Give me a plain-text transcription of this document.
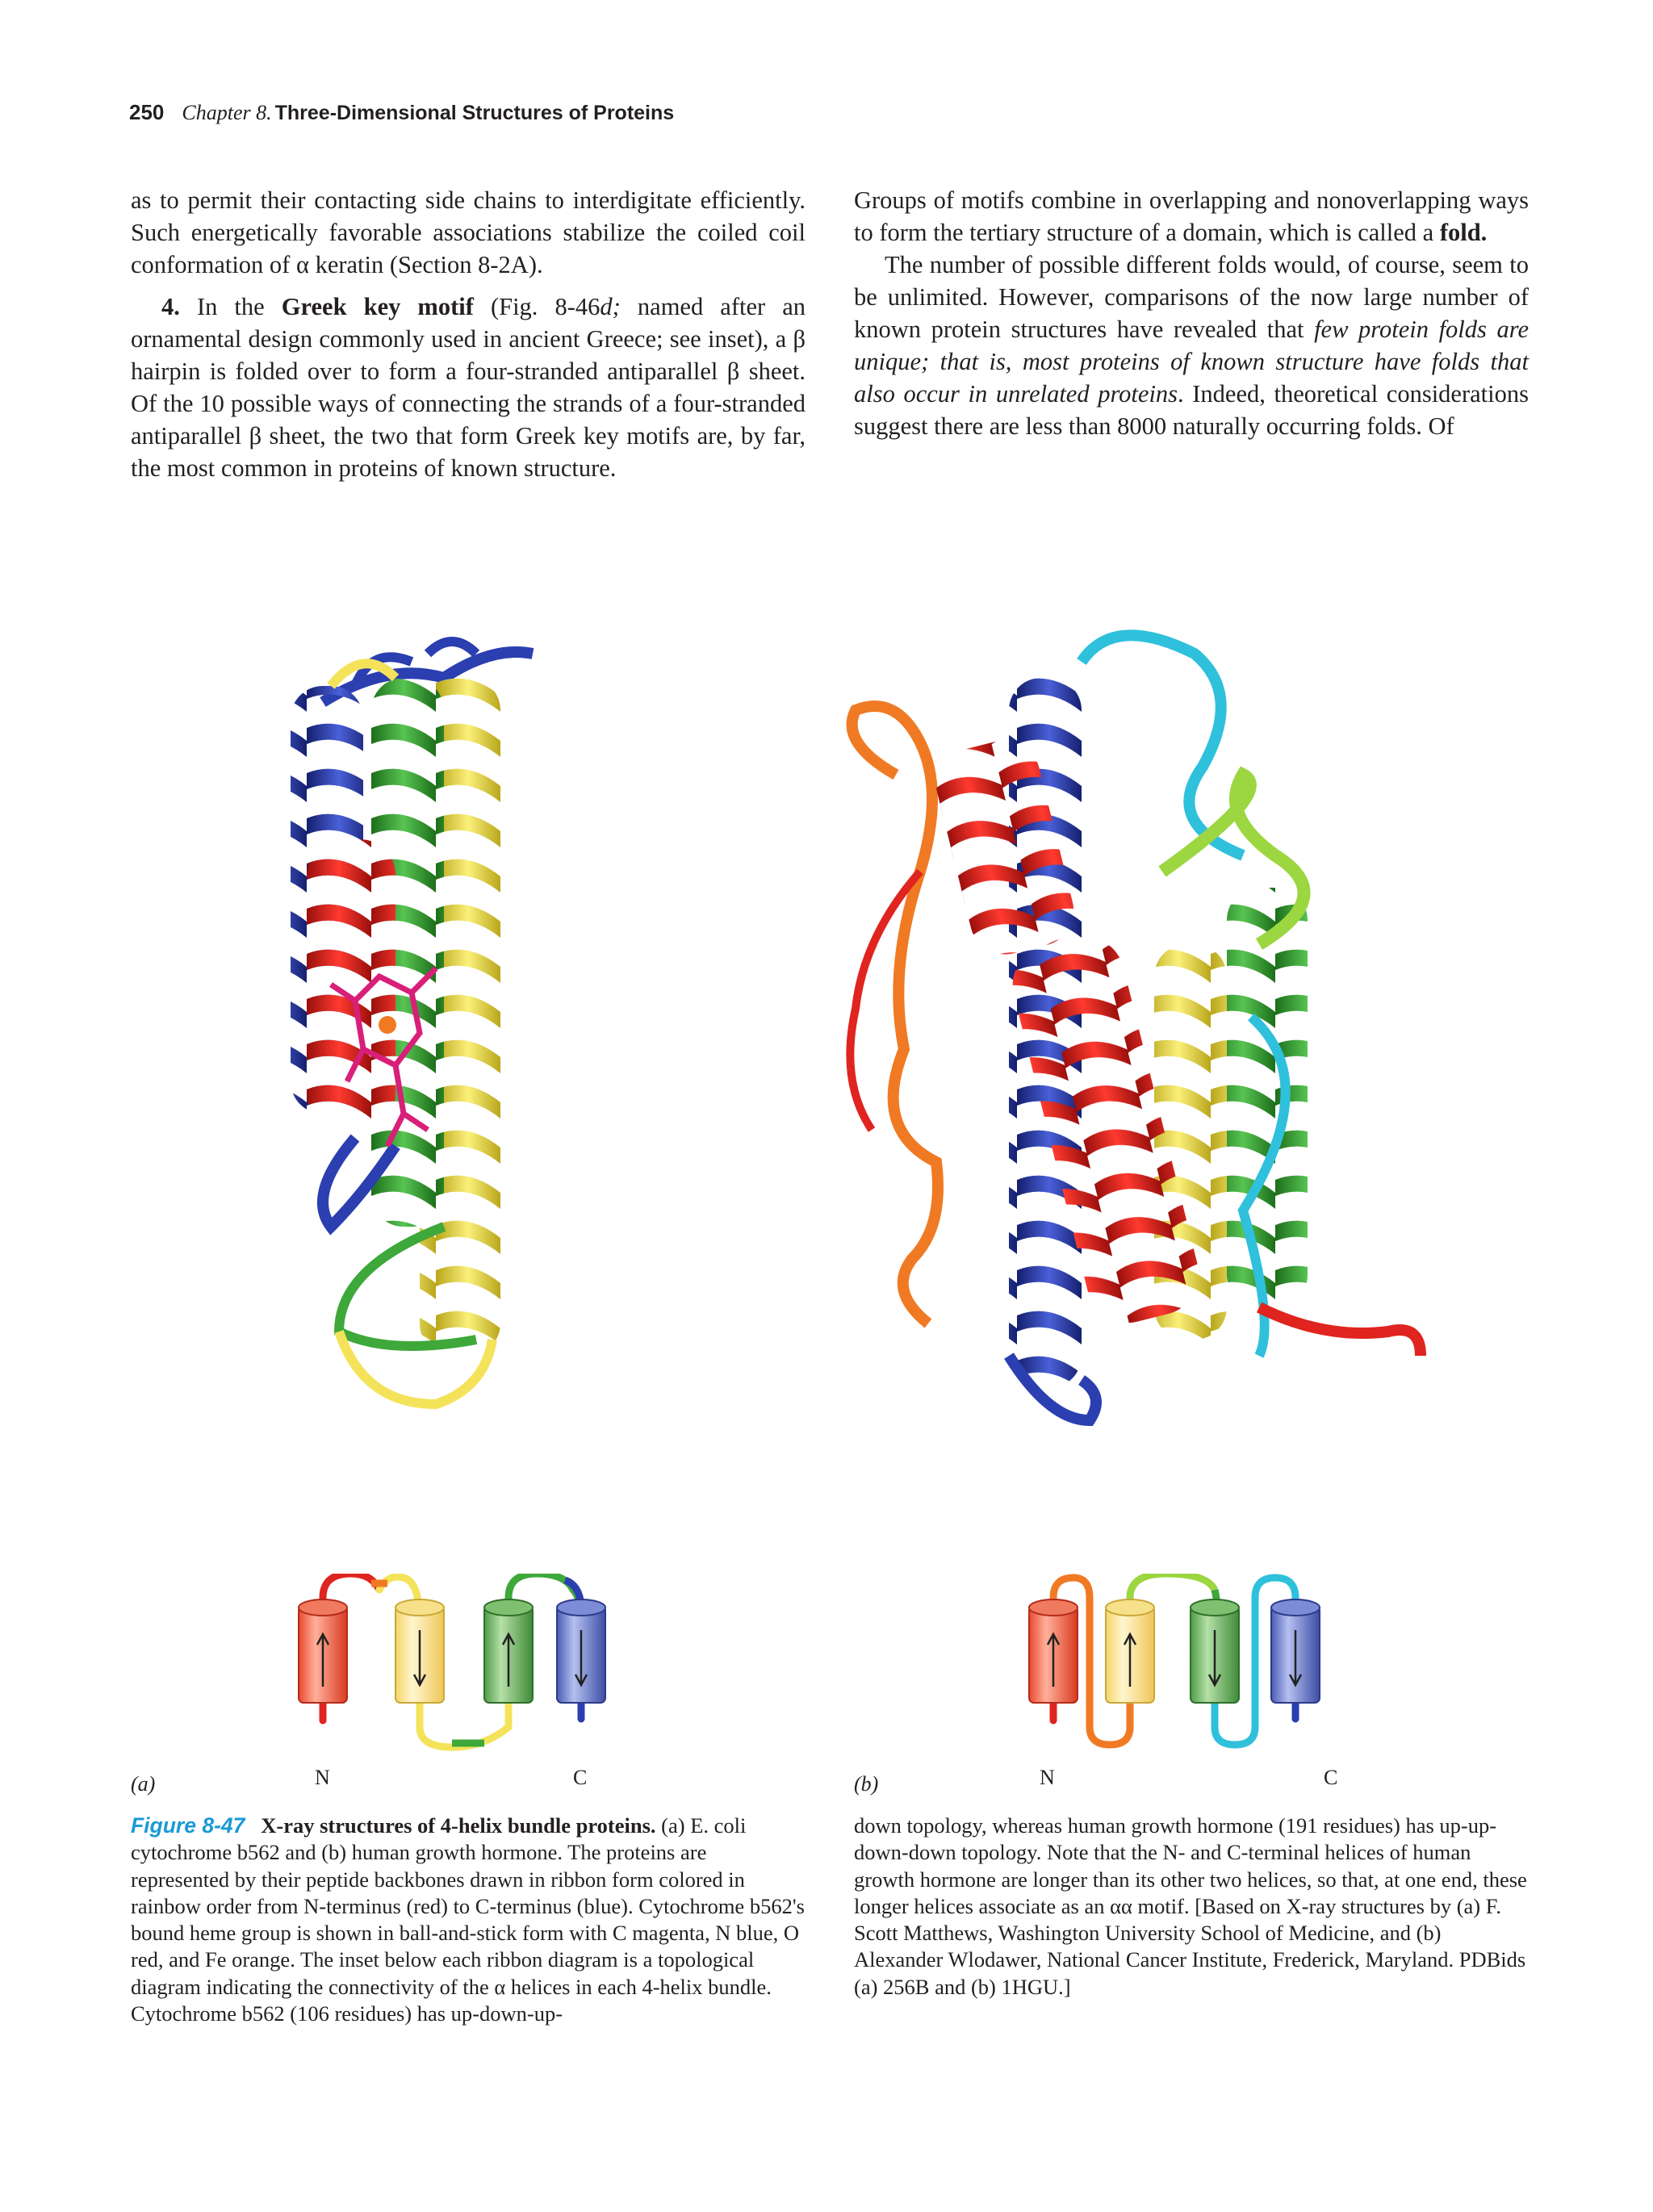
250 Chapter 8. Three-Dimensional Structures of Proteins

as to permit their contacting side chains to interdigitate efficiently. Such energetically favorable associations stabilize the coiled coil conformation of α keratin (Section 8-2A).

4. In the Greek key motif (Fig. 8-46d; named after an ornamental design commonly used in ancient Greece; see inset), a β hairpin is folded over to form a four-stranded antiparallel β sheet. Of the 10 possible ways of connecting the strands of a four-stranded antiparallel β sheet, the two that form Greek key motifs are, by far, the most common in proteins of known structure.

Groups of motifs combine in overlapping and nonoverlapping ways to form the tertiary structure of a domain, which is called a fold.

The number of possible different folds would, of course, seem to be unlimited. However, comparisons of the now large number of known protein structures have revealed that few protein folds are unique; that is, most proteins of known structure have folds that also occur in unrelated proteins. Indeed, theoretical considerations suggest there are less than 8000 naturally occurring folds. Of

(a)	N	C	(b)	N	C

Figure 8-47 X-ray structures of 4-helix bundle proteins. (a) E. coli cytochrome b562 and (b) human growth hormone. The proteins are represented by their peptide backbones drawn in ribbon form colored in rainbow order from N-terminus (red) to C-terminus (blue). Cytochrome b562's bound heme group is shown in ball-and-stick form with C magenta, N blue, O red, and Fe orange. The inset below each ribbon diagram is a topological diagram indicating the connectivity of the α helices in each 4-helix bundle. Cytochrome b562 (106 residues) has up-down-up-

down topology, whereas human growth hormone (191 residues) has up-up-down-down topology. Note that the N- and C-terminal helices of human growth hormone are longer than its other two helices, so that, at one end, these longer helices associate as an αα motif. [Based on X-ray structures by (a) F. Scott Matthews, Washington University School of Medicine, and (b) Alexander Wlodawer, National Cancer Institute, Frederick, Maryland. PDBids (a) 256B and (b) 1HGU.]
